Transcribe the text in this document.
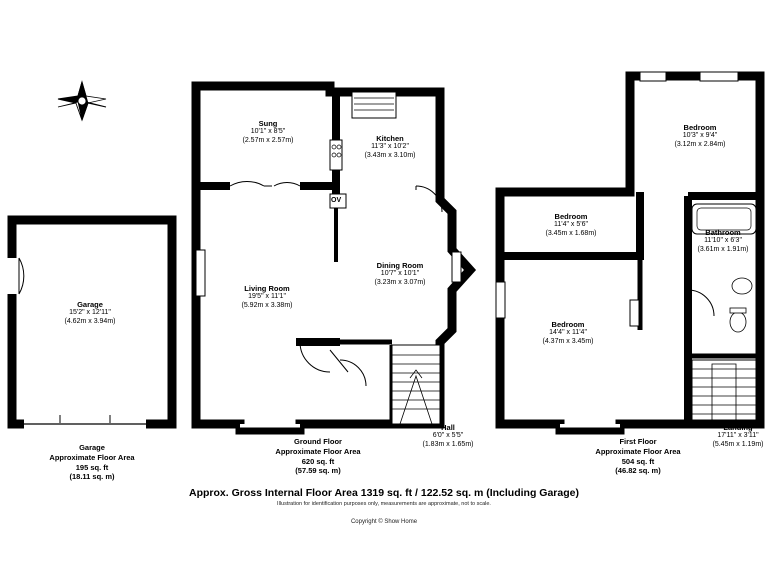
Garage
15'2" x 12'11"
(4.62m x 3.94m)
Sung
10'1" x 8'5"
(2.57m x 2.57m)	Kitchen
11'3" x 10'2"
(3.43m x 3.10m)
OV
Living Room
19'5" x 11'1"
(5.92m x 3.38m)
Dining Room
10'7" x 10'1"
(3.23m x 3.07m)
Hall
6'0" x 5'5"
(1.83m x 1.65m)
Bedroom
10'3" x 9'4"
(3.12m x 2.84m)
Bathroom
11'10" x 6'3"
(3.61m x 1.91m)
Bedroom
11'4" x 5'6"
(3.45m x 1.68m)
Bedroom
14'4" x 11'4"
(4.37m x 3.45m)
Landing
17'11" x 3'11"
(5.45m x 1.19m)
Garage
Approximate Floor Area
195 sq. ft
(18.11 sq. m)
Ground Floor
Approximate Floor Area
620 sq. ft
(57.59 sq. m)
First Floor
Approximate Floor Area
504 sq. ft
(46.82 sq. m)
Approx. Gross Internal Floor Area 1319 sq. ft / 122.52 sq. m (Including Garage)
Illustration for identification purposes only, measurements are approximate, not to scale.
Copyright © Show Home
